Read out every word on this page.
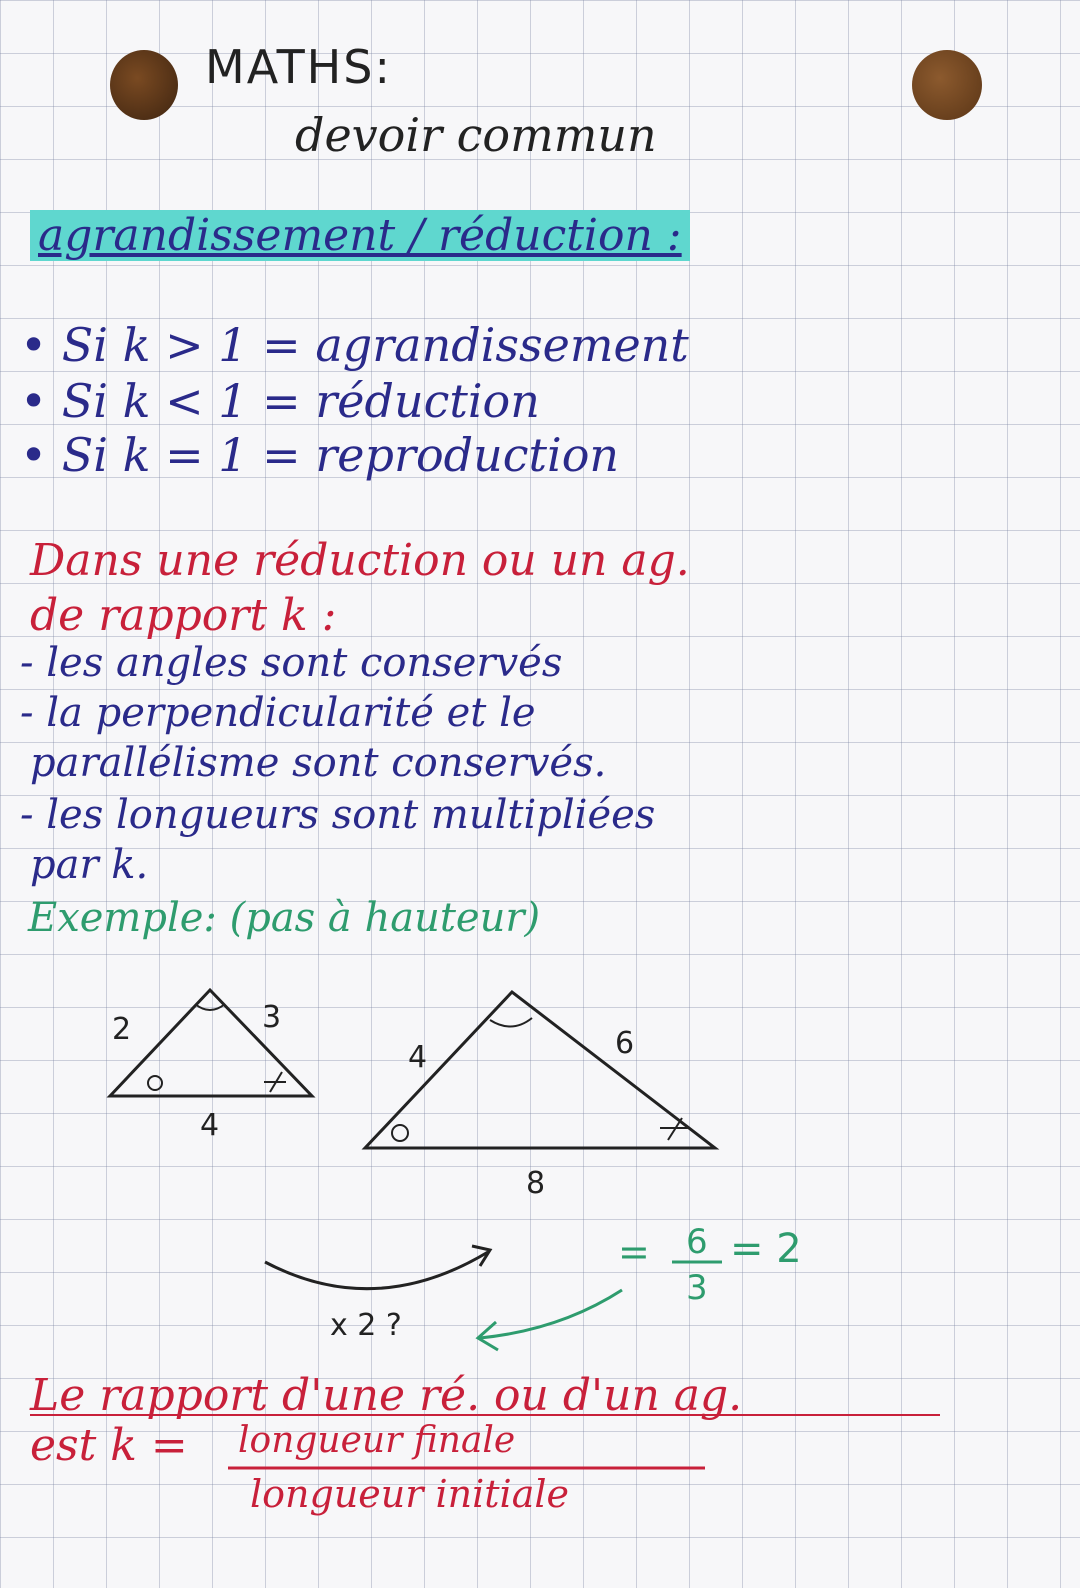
MATHS:
devoir commun
agrandissement / réduction :
• Si k > 1 = agrandissement
• Si k < 1 = réduction
• Si k = 1 = reproduction
Dans une réduction ou un ag.
de rapport k :
- les angles sont conservés
- la perpendicularité et le
parallélisme sont conservés.
- les longueurs sont multipliées
par k.
Exemple: (pas à hauteur)
2	3
4
4	6
8
x 2 ?
= 6
3
= 2
Le rapport d'une ré. ou d'un ag.
est k = longueur finale
longueur initiale
